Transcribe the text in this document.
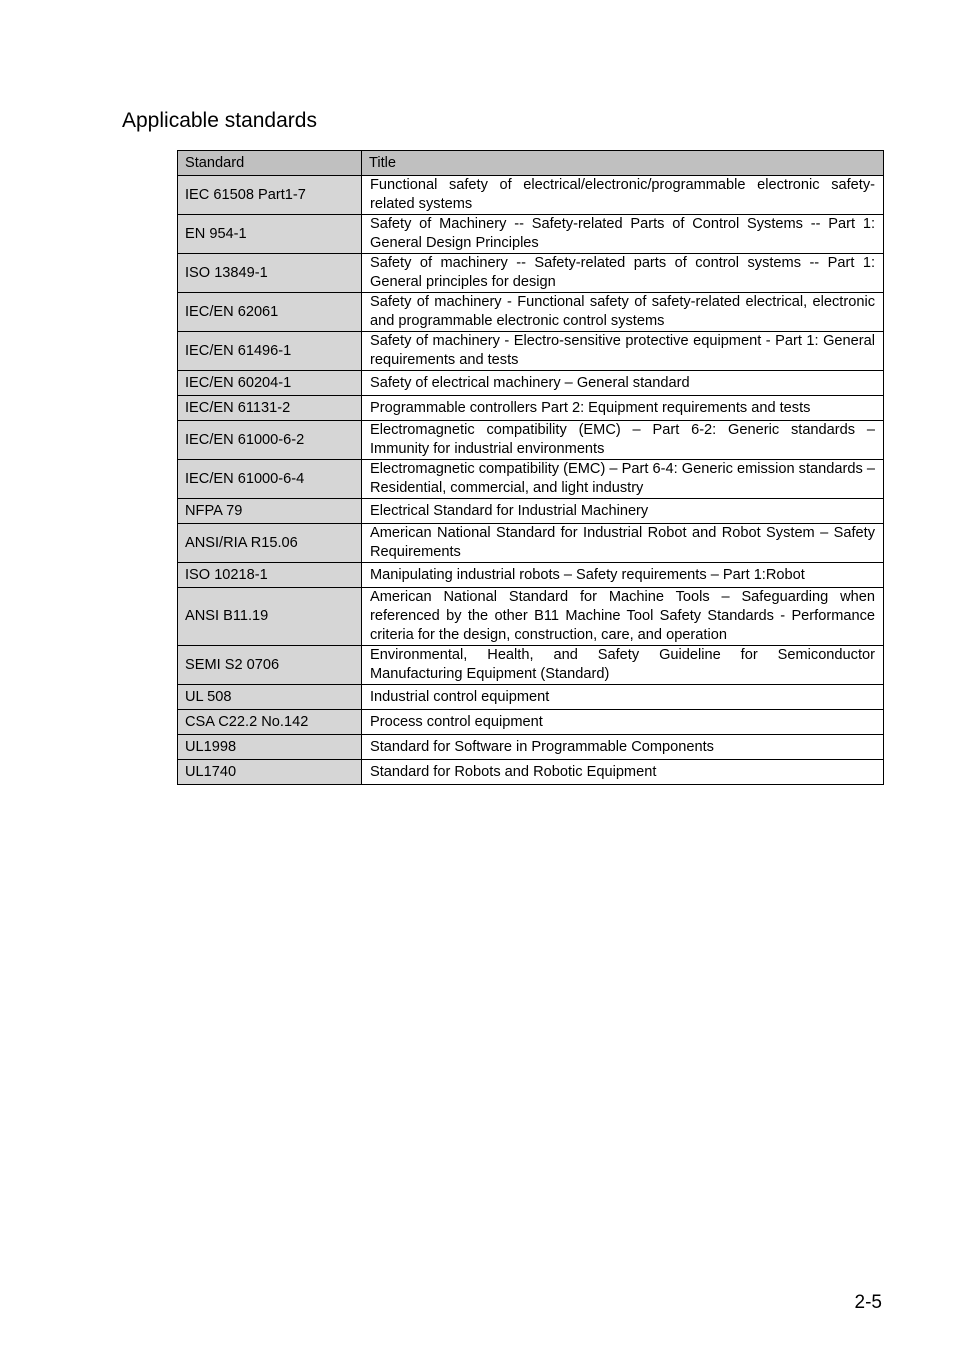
Applicable standards
Standard	Title
IEC 61508 Part1-7	Functional safety of electrical/electronic/programmable electronic safety-related systems
EN 954-1	Safety of Machinery -- Safety-related Parts of Control Systems -- Part 1: General Design Principles
ISO 13849-1	Safety of machinery -- Safety-related parts of control systems -- Part 1: General principles for design
IEC/EN 62061	Safety of machinery - Functional safety of safety-related electrical, electronic and programmable electronic control systems
IEC/EN 61496-1	Safety of machinery - Electro-sensitive protective equipment - Part 1: General requirements and tests
IEC/EN 60204-1	Safety of electrical machinery – General standard
IEC/EN 61131-2	Programmable controllers Part 2: Equipment requirements and tests
IEC/EN 61000-6-2	Electromagnetic compatibility (EMC) – Part 6-2: Generic standards – Immunity for industrial environments
IEC/EN 61000-6-4	Electromagnetic compatibility (EMC) – Part 6-4: Generic emission standards – Residential, commercial, and light industry
NFPA 79	Electrical Standard for Industrial Machinery
ANSI/RIA R15.06	American National Standard for Industrial Robot and Robot System – Safety Requirements
ISO 10218-1	Manipulating industrial robots – Safety requirements – Part 1:Robot
ANSI B11.19	American National Standard for Machine Tools – Safeguarding when referenced by the other B11 Machine Tool Safety Standards - Performance criteria for the design, construction, care, and operation
SEMI S2 0706	Environmental, Health, and Safety Guideline for Semiconductor Manufacturing Equipment (Standard)
UL 508	Industrial control equipment
CSA C22.2 No.142	Process control equipment
UL1998	Standard for Software in Programmable Components
UL1740	Standard for Robots and Robotic Equipment
2-5
